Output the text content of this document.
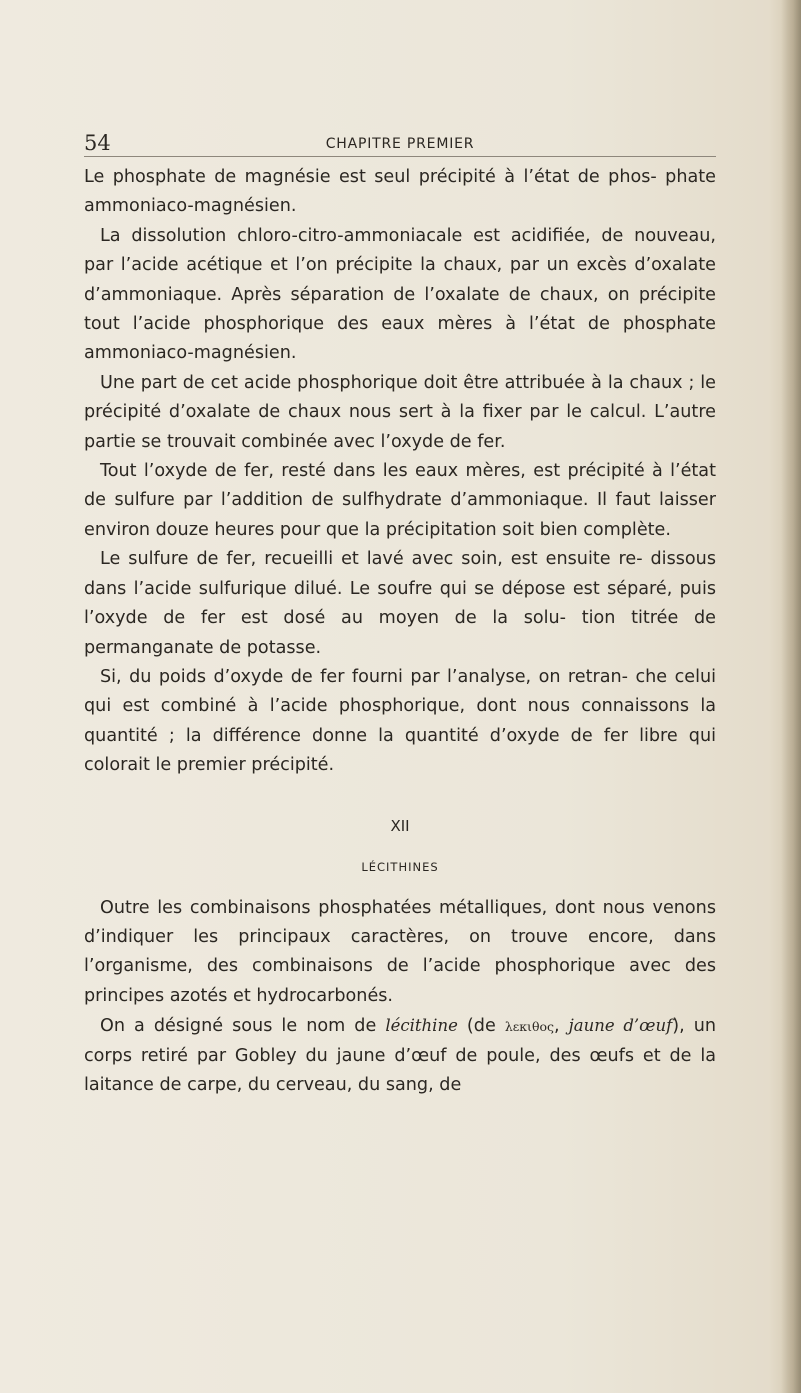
54	CHAPITRE PREMIER

Le phosphate de magnésie est seul précipité à l’état de phos- phate ammoniaco-magnésien.

La dissolution chloro-citro-ammoniacale est acidifiée, de nouveau, par l’acide acétique et l’on précipite la chaux, par un excès d’oxalate d’ammoniaque. Après séparation de l’oxalate de chaux, on précipite tout l’acide phosphorique des eaux mères à l’état de phosphate ammoniaco-magnésien.

Une part de cet acide phosphorique doit être attribuée à la chaux ; le précipité d’oxalate de chaux nous sert à la fixer par le calcul. L’autre partie se trouvait combinée avec l’oxyde de fer.

Tout l’oxyde de fer, resté dans les eaux mères, est précipité à l’état de sulfure par l’addition de sulfhydrate d’ammoniaque. Il faut laisser environ douze heures pour que la précipitation soit bien complète.

Le sulfure de fer, recueilli et lavé avec soin, est ensuite re- dissous dans l’acide sulfurique dilué. Le soufre qui se dépose est séparé, puis l’oxyde de fer est dosé au moyen de la solu- tion titrée de permanganate de potasse.

Si, du poids d’oxyde de fer fourni par l’analyse, on retran- che celui qui est combiné à l’acide phosphorique, dont nous connaissons la quantité ; la différence donne la quantité d’oxyde de fer libre qui colorait le premier précipité.

XII

LÉCITHINES

Outre les combinaisons phosphatées métalliques, dont nous venons d’indiquer les principaux caractères, on trouve encore, dans l’organisme, des combinaisons de l’acide phosphorique avec des principes azotés et hydrocarbonés.

On a désigné sous le nom de lécithine (de λεκιθος, jaune d’œuf), un corps retiré par Gobley du jaune d’œuf de poule, des œufs et de la laitance de carpe, du cerveau, du sang, de
